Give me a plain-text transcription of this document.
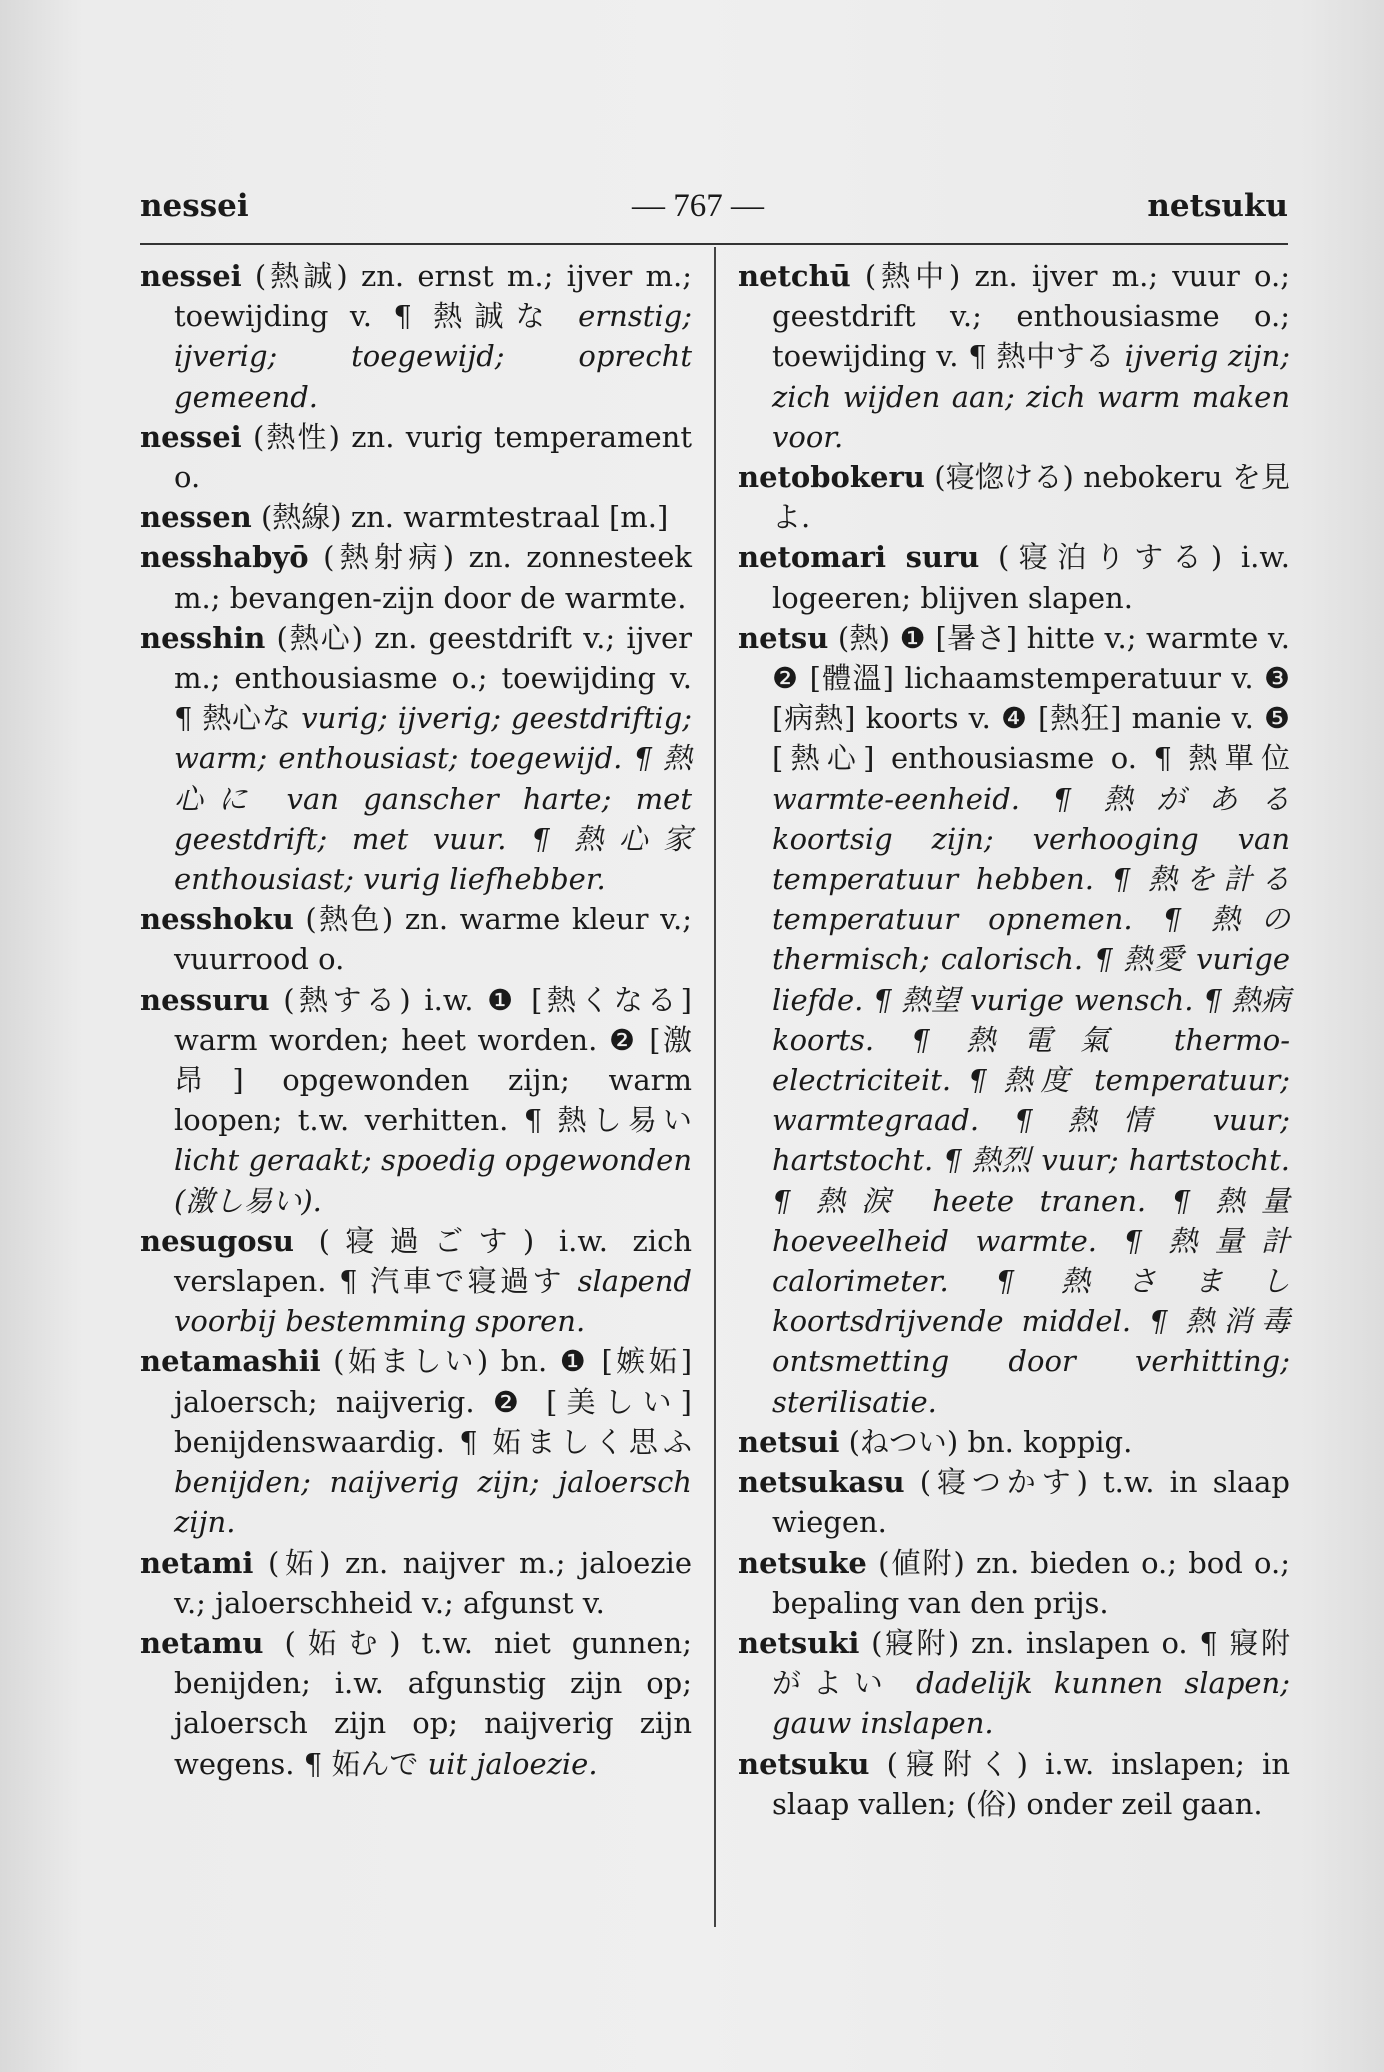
nessei	— 767 —	netsuku

nessei (熱誠) zn. ernst m.; ijver m.; toewijding v. ¶ 熱誠な ernstig; ijverig; toegewijd; oprecht gemeend.

nessei (熱性) zn. vurig temperament o.

nessen (熱線) zn. warmtestraal [m.]

nesshabyō (熱射病) zn. zonnesteek m.; bevangen-zijn door de warmte.

nesshin (熱心) zn. geestdrift v.; ijver m.; enthousiasme o.; toewijding v. ¶ 熱心な vurig; ijverig; geestdriftig; warm; enthousiast; toegewijd. ¶ 熱心に van ganscher harte; met geestdrift; met vuur. ¶ 熱心家 enthousiast; vurig liefhebber.

nesshoku (熱色) zn. warme kleur v.; vuurrood o.

nessuru (熱する) i.w. ❶ [熱くなる] warm worden; heet worden. ❷ [激昂] opgewonden zijn; warm loopen; t.w. verhitten. ¶ 熱し易い licht geraakt; spoedig opgewonden (激し易い).

nesugosu (寝過ごす) i.w. zich verslapen. ¶ 汽車で寝過す slapend voorbij bestemming sporen.

netamashii (妬ましい) bn. ❶ [嫉妬] jaloersch; naijverig. ❷ [美しい] benijdenswaardig. ¶ 妬ましく思ふ benijden; naijverig zijn; jaloersch zijn.

netami (妬) zn. naijver m.; jaloezie v.; jaloerschheid v.; afgunst v.

netamu (妬む) t.w. niet gunnen; benijden; i.w. afgunstig zijn op; jaloersch zijn op; naijverig zijn wegens. ¶ 妬んで uit jaloezie.

netchū (熱中) zn. ijver m.; vuur o.; geestdrift v.; enthousiasme o.; toewijding v. ¶ 熱中する ijverig zijn; zich wijden aan; zich warm maken voor.

netobokeru (寝惚ける) nebokeru を見よ.

netomari suru (寝泊りする) i.w. logeeren; blijven slapen.

netsu (熱) ❶ [暑さ] hitte v.; warmte v. ❷ [體溫] lichaamstemperatuur v. ❸ [病熱] koorts v. ❹ [熱狂] manie v. ❺ [熱心] enthousiasme o. ¶ 熱單位 warmte-eenheid. ¶ 熱がある koortsig zijn; verhooging van temperatuur hebben. ¶ 熱を計る temperatuur opnemen. ¶ 熱の thermisch; calorisch. ¶ 熱愛 vurige liefde. ¶ 熱望 vurige wensch. ¶ 熱病 koorts. ¶ 熱電氣 thermo-electriciteit. ¶ 熱度 temperatuur; warmtegraad. ¶ 熱情 vuur; hartstocht. ¶ 熱烈 vuur; hartstocht. ¶ 熱淚 heete tranen. ¶ 熱量 hoeveelheid warmte. ¶ 熱量計 calorimeter. ¶ 熱さまし koortsdrijvende middel. ¶ 熱消毒 ontsmetting door verhitting; sterilisatie.

netsui (ねつい) bn. koppig.

netsukasu (寝つかす) t.w. in slaap wiegen.

netsuke (値附) zn. bieden o.; bod o.; bepaling van den prijs.

netsuki (寢附) zn. inslapen o. ¶ 寢附がよい dadelijk kunnen slapen; gauw inslapen.

netsuku (寢附く) i.w. inslapen; in slaap vallen; (俗) onder zeil gaan.
